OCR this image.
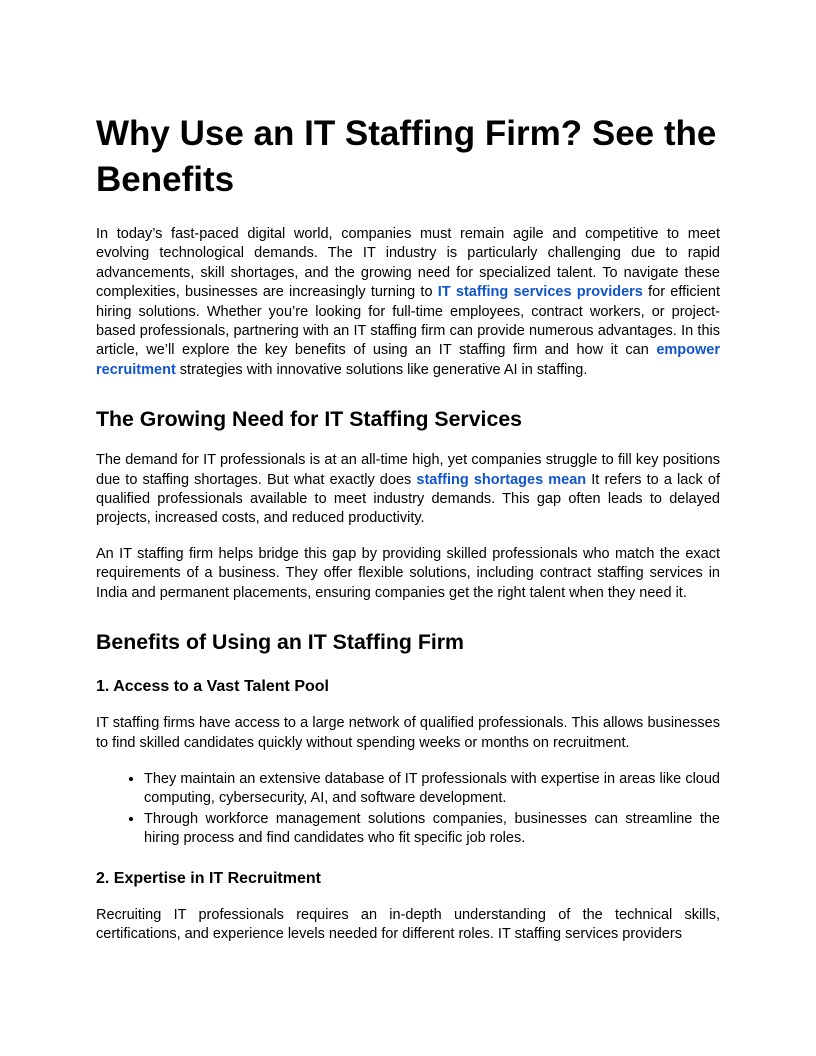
Why Use an IT Staffing Firm? See the Benefits

In today’s fast-paced digital world, companies must remain agile and competitive to meet evolving technological demands. The IT industry is particularly challenging due to rapid advancements, skill shortages, and the growing need for specialized talent. To navigate these complexities, businesses are increasingly turning to IT staffing services providers for efficient hiring solutions. Whether you’re looking for full-time employees, contract workers, or project-based professionals, partnering with an IT staffing firm can provide numerous advantages. In this article, we’ll explore the key benefits of using an IT staffing firm and how it can empower recruitment strategies with innovative solutions like generative AI in staffing.

The Growing Need for IT Staffing Services

The demand for IT professionals is at an all-time high, yet companies struggle to fill key positions due to staffing shortages. But what exactly does staffing shortages mean It refers to a lack of qualified professionals available to meet industry demands. This gap often leads to delayed projects, increased costs, and reduced productivity.

An IT staffing firm helps bridge this gap by providing skilled professionals who match the exact requirements of a business. They offer flexible solutions, including contract staffing services in India and permanent placements, ensuring companies get the right talent when they need it.

Benefits of Using an IT Staffing Firm
1. Access to a Vast Talent Pool

IT staffing firms have access to a large network of qualified professionals. This allows businesses to find skilled candidates quickly without spending weeks or months on recruitment.

• They maintain an extensive database of IT professionals with expertise in areas like cloud computing, cybersecurity, AI, and software development.
• Through workforce management solutions companies, businesses can streamline the hiring process and find candidates who fit specific job roles.
2. Expertise in IT Recruitment

Recruiting IT professionals requires an in-depth understanding of the technical skills, certifications, and experience levels needed for different roles. IT staffing services providers
